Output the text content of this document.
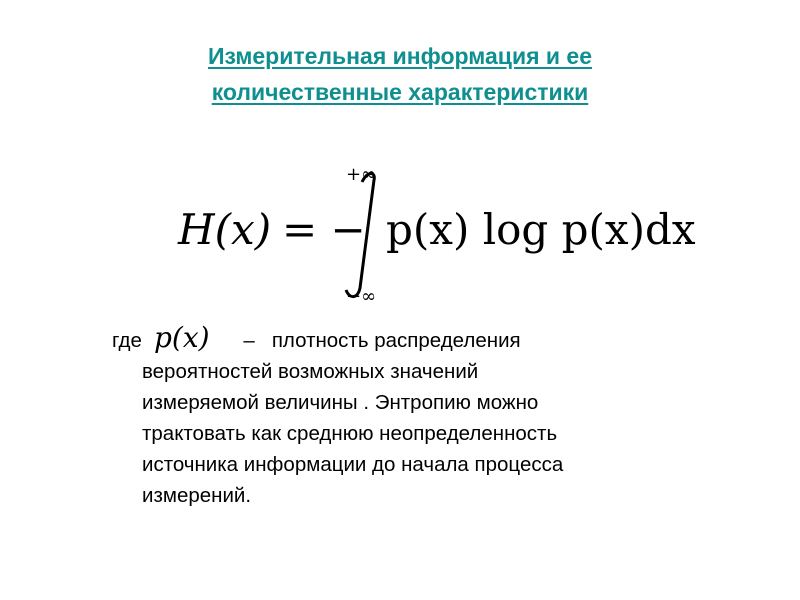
Измерительная информация и ее
количественные характеристики
H(x) = −
+∞
−∞
p(x) log p(x)dx
где p(x) – плотность распределения
вероятностей возможных значений
измеряемой величины . Энтропию можно
трактовать как среднюю неопределенность
источника информации до начала процесса
измерений.
